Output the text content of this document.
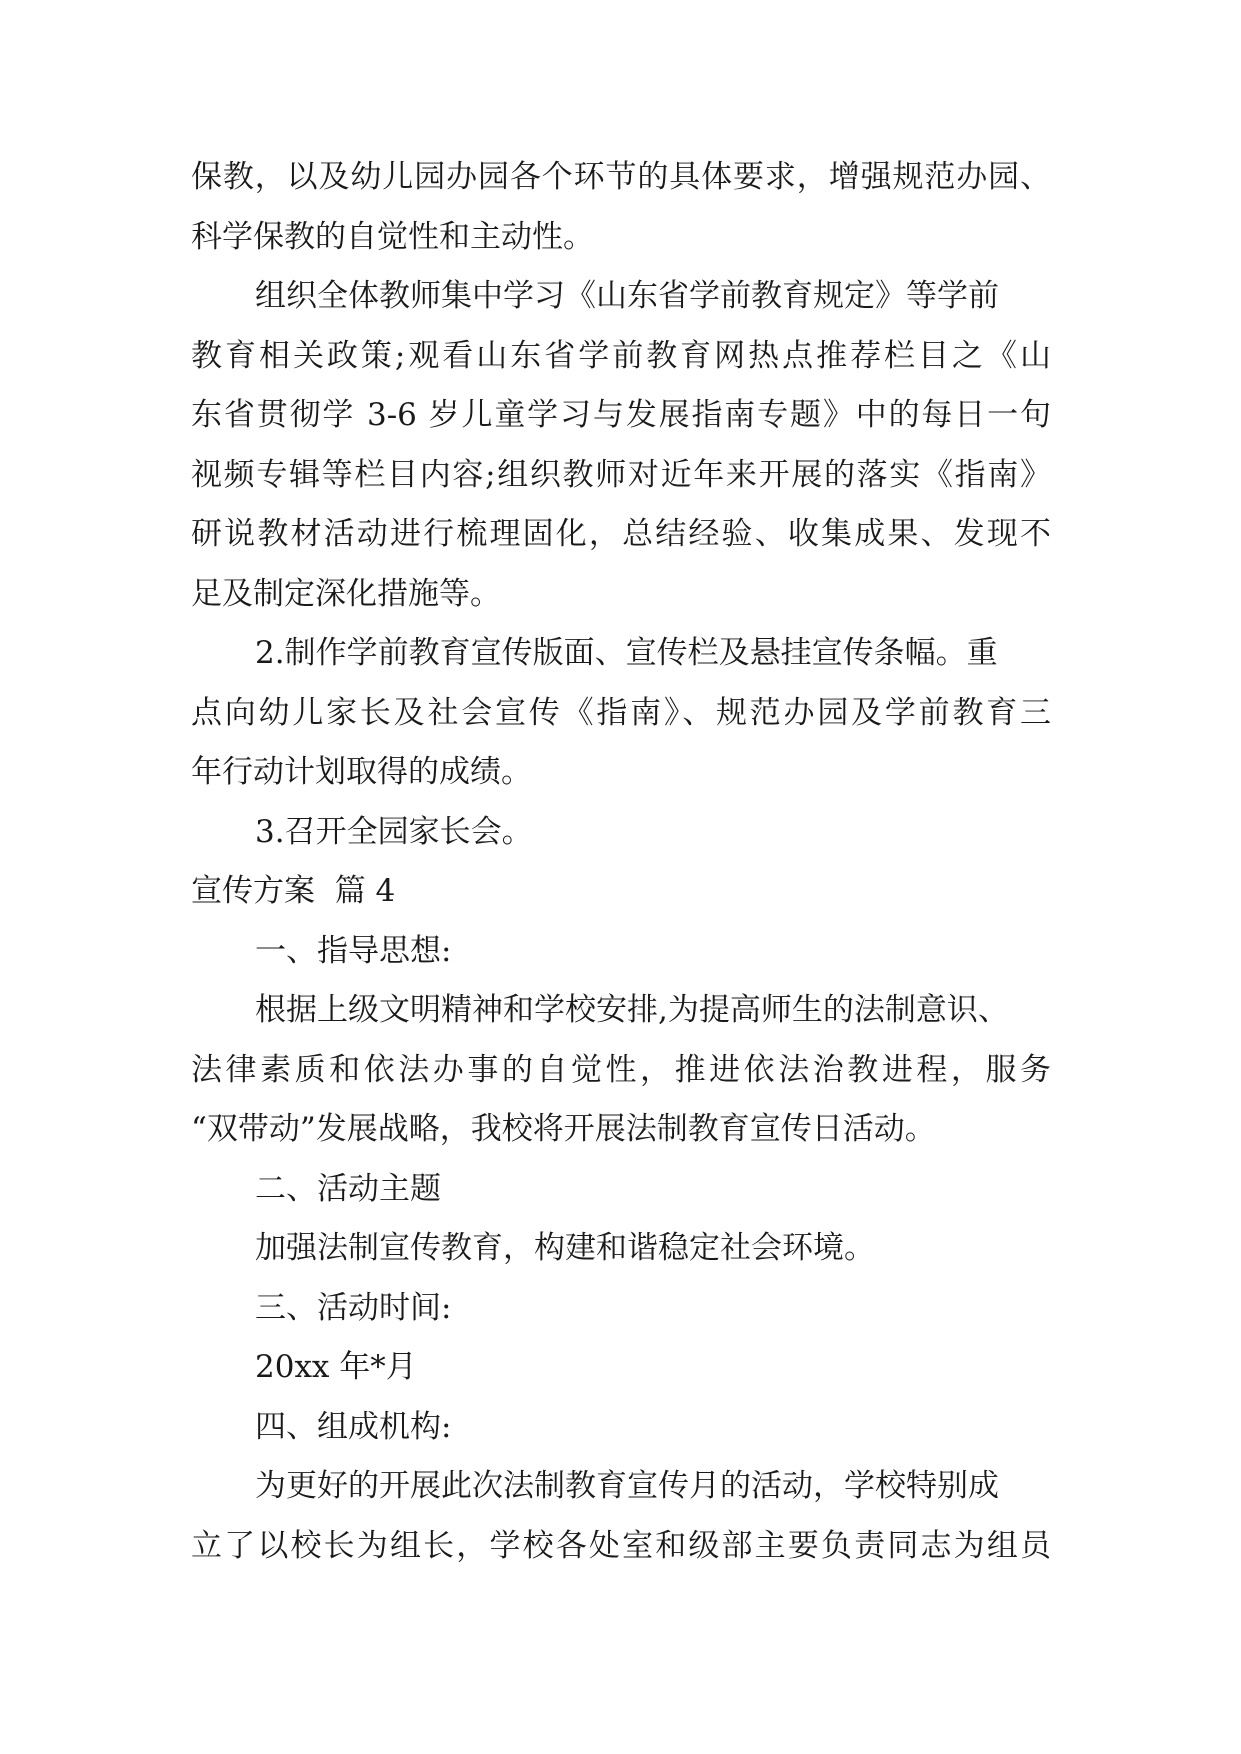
保教，以及幼儿园办园各个环节的具体要求，增强规范办园、
科学保教的自觉性和主动性。
组织全体教师集中学习《山东省学前教育规定》等学前
教育相关政策;观看山东省学前教育网热点推荐栏目之《山
东省贯彻学 3-6 岁儿童学习与发展指南专题》中的每日一句
视频专辑等栏目内容;组织教师对近年来开展的落实《指南》
研说教材活动进行梳理固化，总结经验、收集成果、发现不
足及制定深化措施等。
2.制作学前教育宣传版面、宣传栏及悬挂宣传条幅。重
点向幼儿家长及社会宣传《指南》、规范办园及学前教育三
年行动计划取得的成绩。
3.召开全园家长会。
宣传方案  篇 4
一、指导思想:
根据上级文明精神和学校安排,为提高师生的法制意识、
法律素质和依法办事的自觉性，推进依法治教进程，服务
“双带动”发展战略，我校将开展法制教育宣传日活动。
二、活动主题
加强法制宣传教育，构建和谐稳定社会环境。
三、活动时间:
20xx 年*月
四、组成机构:
为更好的开展此次法制教育宣传月的活动，学校特别成
立了以校长为组长，学校各处室和级部主要负责同志为组员
